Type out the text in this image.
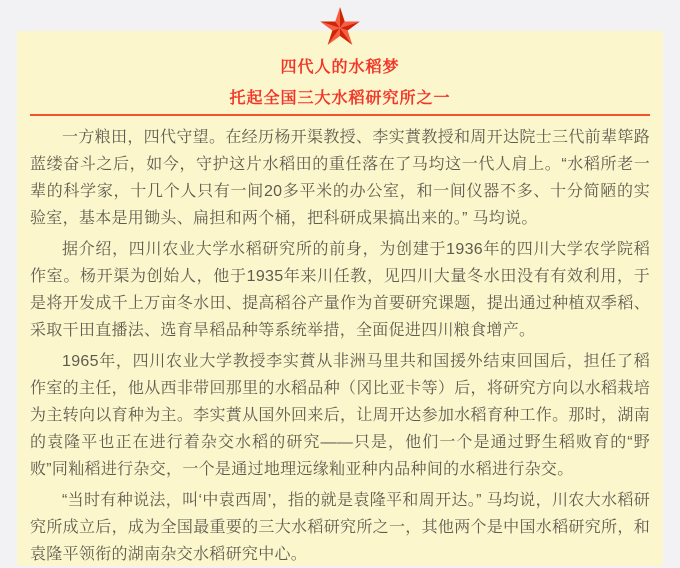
四代人的水稻梦
托起全国三大水稻研究所之一

一方粮田，四代守望。在经历杨开渠教授、李实蕡教授和周开达院士三代前辈筚路蓝缕奋斗之后，如今，守护这片水稻田的重任落在了马均这一代人肩上。“水稻所老一辈的科学家，十几个人只有一间20多平米的办公室，和一间仪器不多、十分简陋的实验室，基本是用锄头、扁担和两个桶，把科研成果搞出来的。” 马均说。

据介绍，四川农业大学水稻研究所的前身，为创建于1936年的四川大学农学院稻作室。杨开渠为创始人，他于1935年来川任教，见四川大量冬水田没有有效利用，于是将开发成千上万亩冬水田、提高稻谷产量作为首要研究课题，提出通过种植双季稻、采取干田直播法、选育旱稻品种等系统举措，全面促进四川粮食增产。

1965年，四川农业大学教授李实蕡从非洲马里共和国援外结束回国后，担任了稻作室的主任，他从西非带回那里的水稻品种（冈比亚卡等）后，将研究方向以水稻栽培为主转向以育种为主。李实蕡从国外回来后，让周开达参加水稻育种工作。那时，湖南的袁隆平也正在进行着杂交水稻的研究——只是，他们一个是通过野生稻败育的“野败”同籼稻进行杂交，一个是通过地理远缘籼亚种内品种间的水稻进行杂交。

“当时有种说法，叫‘中袁西周’，指的就是袁隆平和周开达。” 马均说，川农大水稻研究所成立后，成为全国最重要的三大水稻研究所之一，其他两个是中国水稻研究所，和袁隆平领衔的湖南杂交水稻研究中心。
